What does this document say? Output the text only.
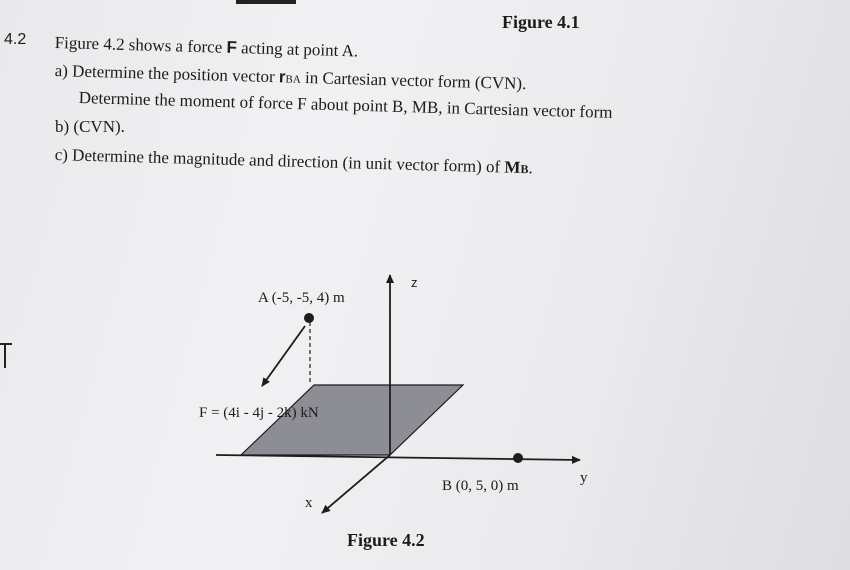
Figure 4.1
4.2 Figure 4.2 shows a force F acting at point A.
a) Determine the position vector rBA in Cartesian vector form (CVN).
Determine the moment of force F about point B, MB, in Cartesian vector form
b) (CVN).
c) Determine the magnitude and direction (in unit vector form) of MB.
A (-5, -5, 4) m
F = (4i - 4j - 2k) kN
B (0, 5, 0) m
z
y
x
Figure 4.2
